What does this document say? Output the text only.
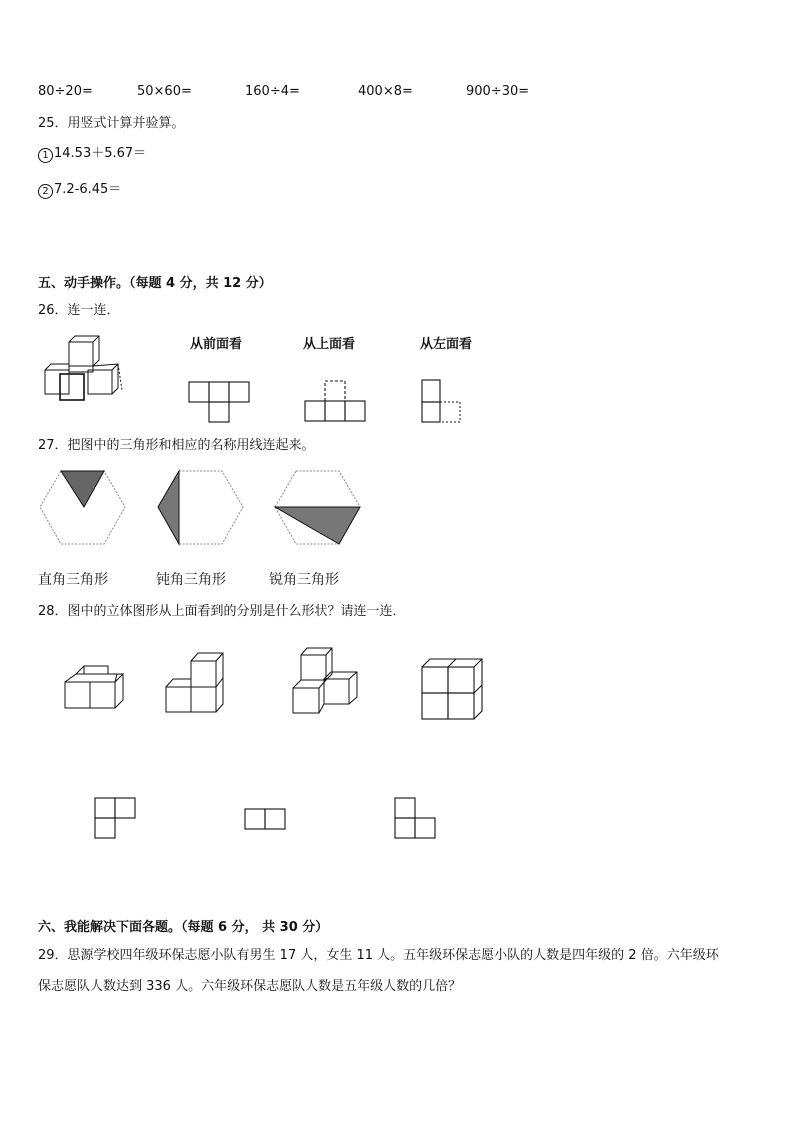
80÷20=	50×60=	160÷4=	400×8=	900÷30=
25．用竖式计算并验算。
1 14.53＋5.67＝
2 7.2-6.45＝
五、动手操作。（每题 4 分，共 12 分）
26．连一连．
从前面看	从上面看	从左面看
27．把图中的三角形和相应的名称用线连起来。
直角三角形	钝角三角形	锐角三角形
28．图中的立体图形从上面看到的分别是什么形状？请连一连．
六、我能解决下面各题。（每题 6 分， 共 30 分）
29．思源学校四年级环保志愿小队有男生 17 人，女生 11 人。五年级环保志愿小队的人数是四年级的 2 倍。六年级环
保志愿队人数达到 336 人。六年级环保志愿队人数是五年级人数的几倍？
